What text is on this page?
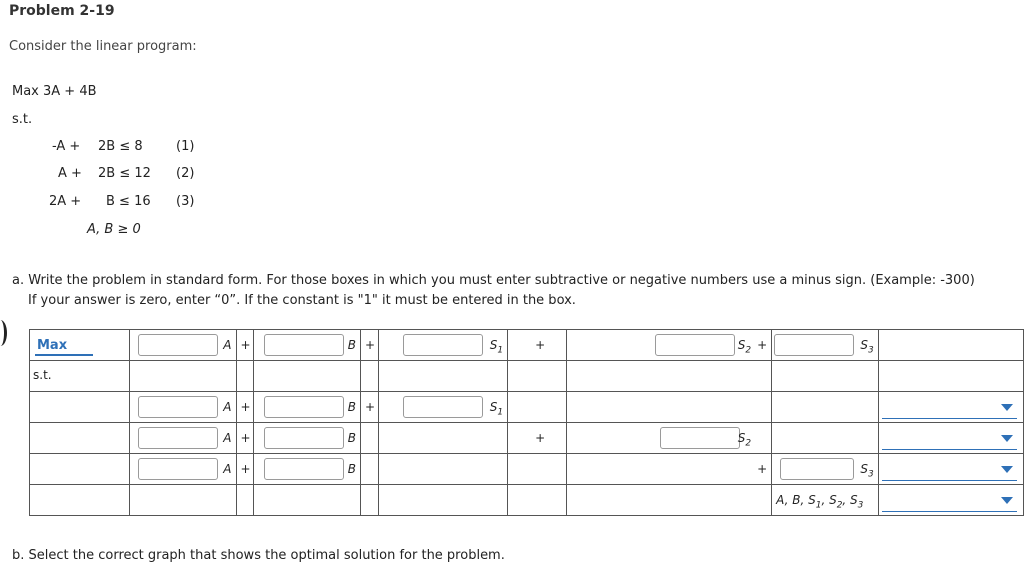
Problem 2-19
Consider the linear program:
Max 3A + 4B
s.t.
-A + 2B ≤ 8	(1)
A + 2B ≤ 12 (2)
2A + B ≤ 16 (3)
A, B ≥ 0
a. Write the problem in standard form. For those boxes in which you must enter subtractive or negative numbers use a minus sign. (Example: -300)
If your answer is zero, enter “0”. If the constant is "1" it must be entered in the box.
Max	A	+	B	+	$S_1$	+	$S_2$ +	$S_3$

s.t.									

	A	+	B	+	$S_1$

	A	+	B			+	$S_2$

	A	+	B				+	$S_3$

								A, B, $S_1$, $S_2$, $S_3$

b. Select the correct graph that shows the optimal solution for the problem.
